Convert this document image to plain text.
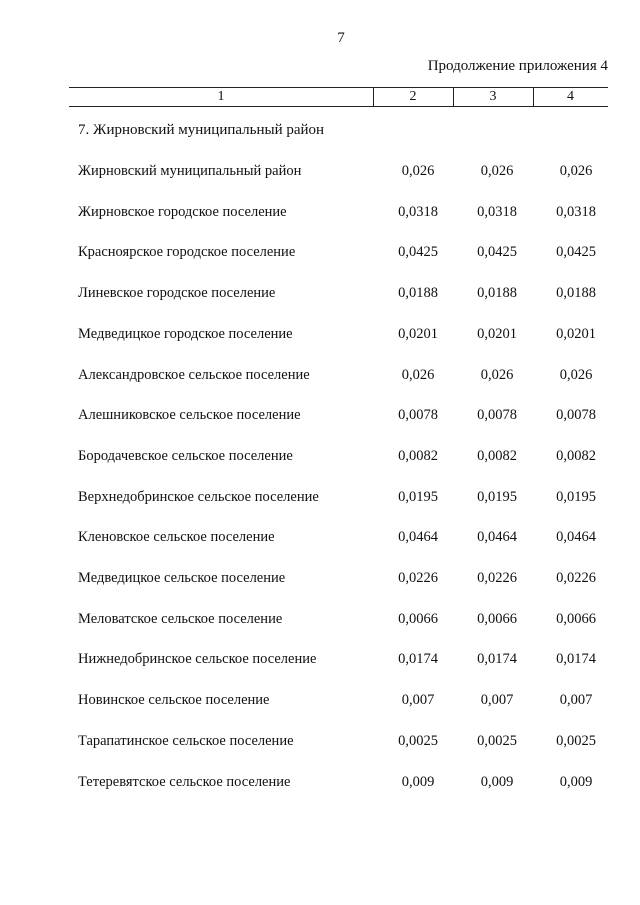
7
Продолжение приложения 4
1	2	3	4
7. Жирновский муниципальный район
Жирновский муниципальный район	0,026	0,026	0,026
Жирновское городское поселение	0,0318	0,0318	0,0318
Красноярское городское поселение	0,0425	0,0425	0,0425
Линевское городское поселение	0,0188	0,0188	0,0188
Медведицкое городское поселение	0,0201	0,0201	0,0201
Александровское сельское поселение	0,026	0,026	0,026
Алешниковское сельское поселение	0,0078	0,0078	0,0078
Бородачевское сельское поселение	0,0082	0,0082	0,0082
Верхнедобринское сельское поселение	0,0195	0,0195	0,0195
Кленовское сельское поселение	0,0464	0,0464	0,0464
Медведицкое сельское поселение	0,0226	0,0226	0,0226
Меловатское сельское поселение	0,0066	0,0066	0,0066
Нижнедобринское сельское поселение	0,0174	0,0174	0,0174
Новинское сельское поселение	0,007	0,007	0,007
Тарапатинское сельское поселение	0,0025	0,0025	0,0025
Тетеревятское сельское поселение	0,009	0,009	0,009
